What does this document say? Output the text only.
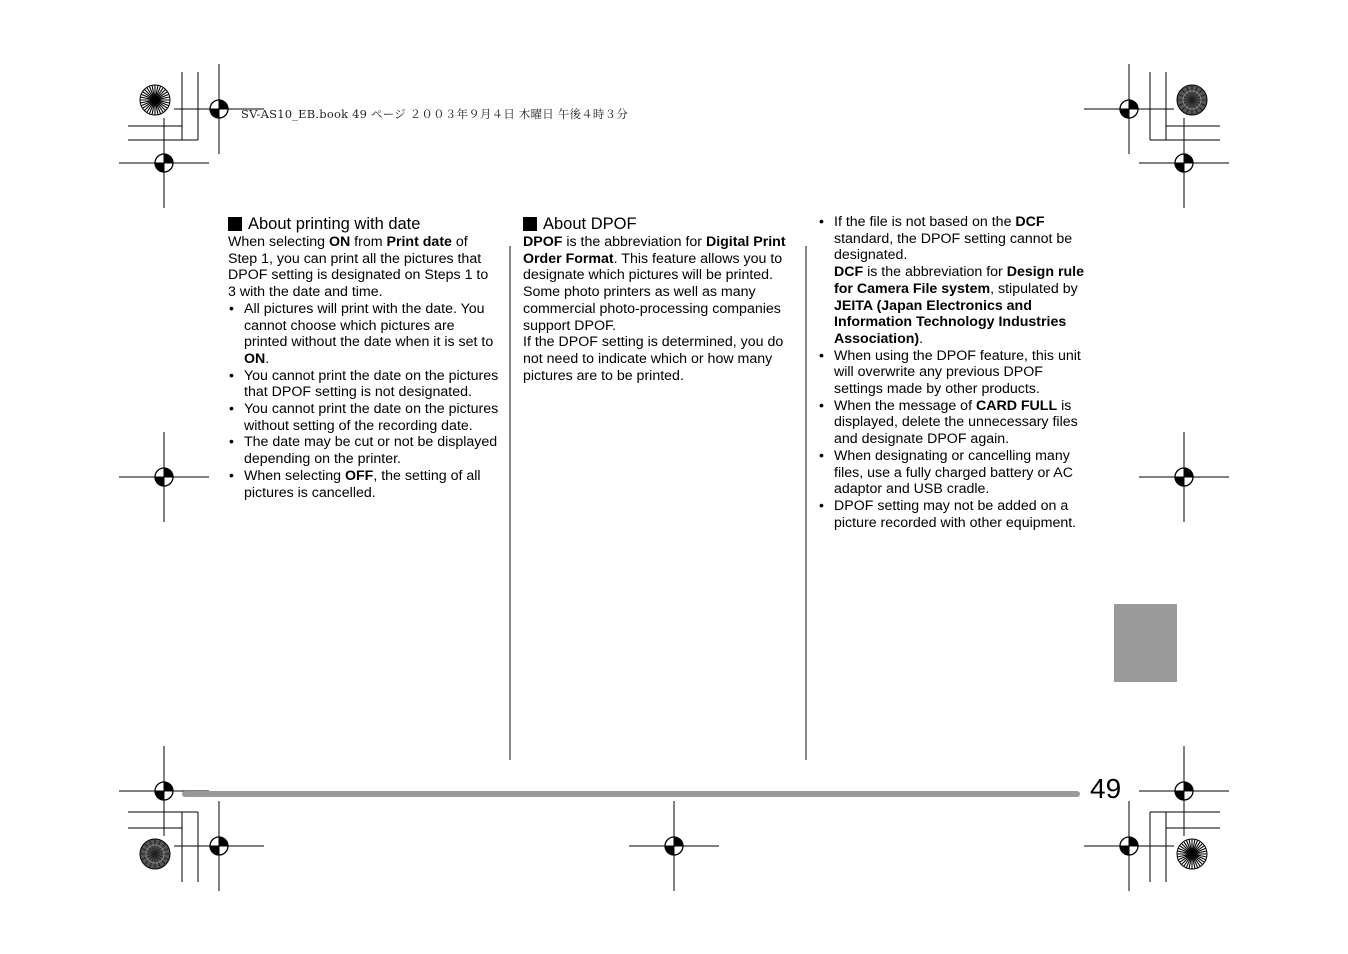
SV-AS10_EB.book 49 ページ ２００３年９月４日 木曜日 午後４時３分
About printing with date

When selecting ON from Print date of Step 1, you can print all the pictures that DPOF setting is designated on Steps 1 to 3 with the date and time.

• All pictures will print with the date. You cannot choose which pictures are printed without the date when it is set to ON.
• You cannot print the date on the pictures that DPOF setting is not designated.
• You cannot print the date on the pictures without setting of the recording date.
• The date may be cut or not be displayed depending on the printer.
• When selecting OFF, the setting of all pictures is cancelled.
About DPOF

DPOF is the abbreviation for Digital Print Order Format. This feature allows you to designate which pictures will be printed. Some photo printers as well as many commercial photo-processing companies support DPOF.

If the DPOF setting is determined, you do not need to indicate which or how many pictures are to be printed.

• If the file is not based on the DCF standard, the DPOF setting cannot be designated.
DCF is the abbreviation for Design rule for Camera File system, stipulated by JEITA (Japan Electronics and Information Technology Industries Association).
• When using the DPOF feature, this unit will overwrite any previous DPOF settings made by other products.
• When the message of CARD FULL is displayed, delete the unnecessary files and designate DPOF again.
• When designating or cancelling many files, use a fully charged battery or AC adaptor and USB cradle.
• DPOF setting may not be added on a picture recorded with other equipment.
49
